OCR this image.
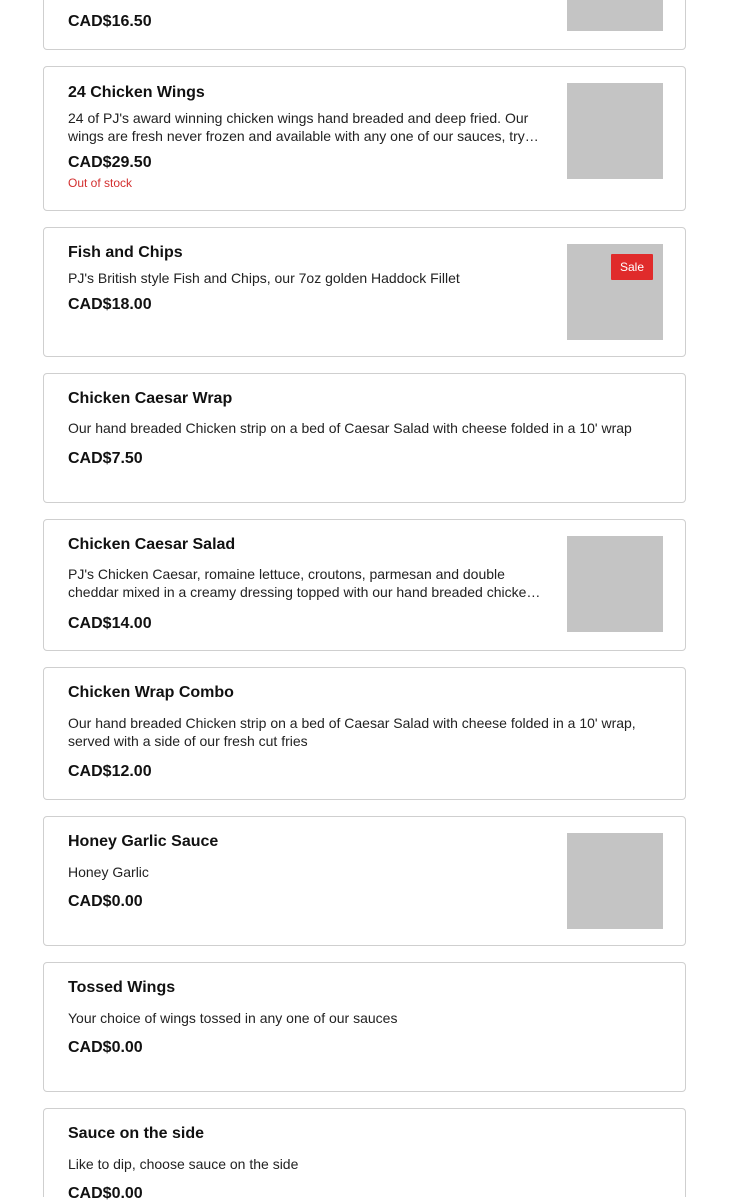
CAD$16.50
24 Chicken Wings
24 of PJ's award winning chicken wings hand breaded and deep fried. Our wings are fresh never frozen and available with any one of our sauces, try…
CAD$29.50
Out of stock
Fish and Chips
PJ's British style Fish and Chips, our 7oz golden Haddock Fillet
CAD$18.00
Sale
Chicken Caesar Wrap
Our hand breaded Chicken strip on a bed of Caesar Salad with cheese folded in a 10' wrap
CAD$7.50
Chicken Caesar Salad
PJ's Chicken Caesar, romaine lettuce, croutons, parmesan and double cheddar mixed in a creamy dressing topped with our hand breaded chicke…
CAD$14.00
Chicken Wrap Combo
Our hand breaded Chicken strip on a bed of Caesar Salad with cheese folded in a 10' wrap, served with a side of our fresh cut fries
CAD$12.00
Honey Garlic Sauce
Honey Garlic
CAD$0.00
Tossed Wings
Your choice of wings tossed in any one of our sauces
CAD$0.00
Sauce on the side
Like to dip, choose sauce on the side
CAD$0.00
